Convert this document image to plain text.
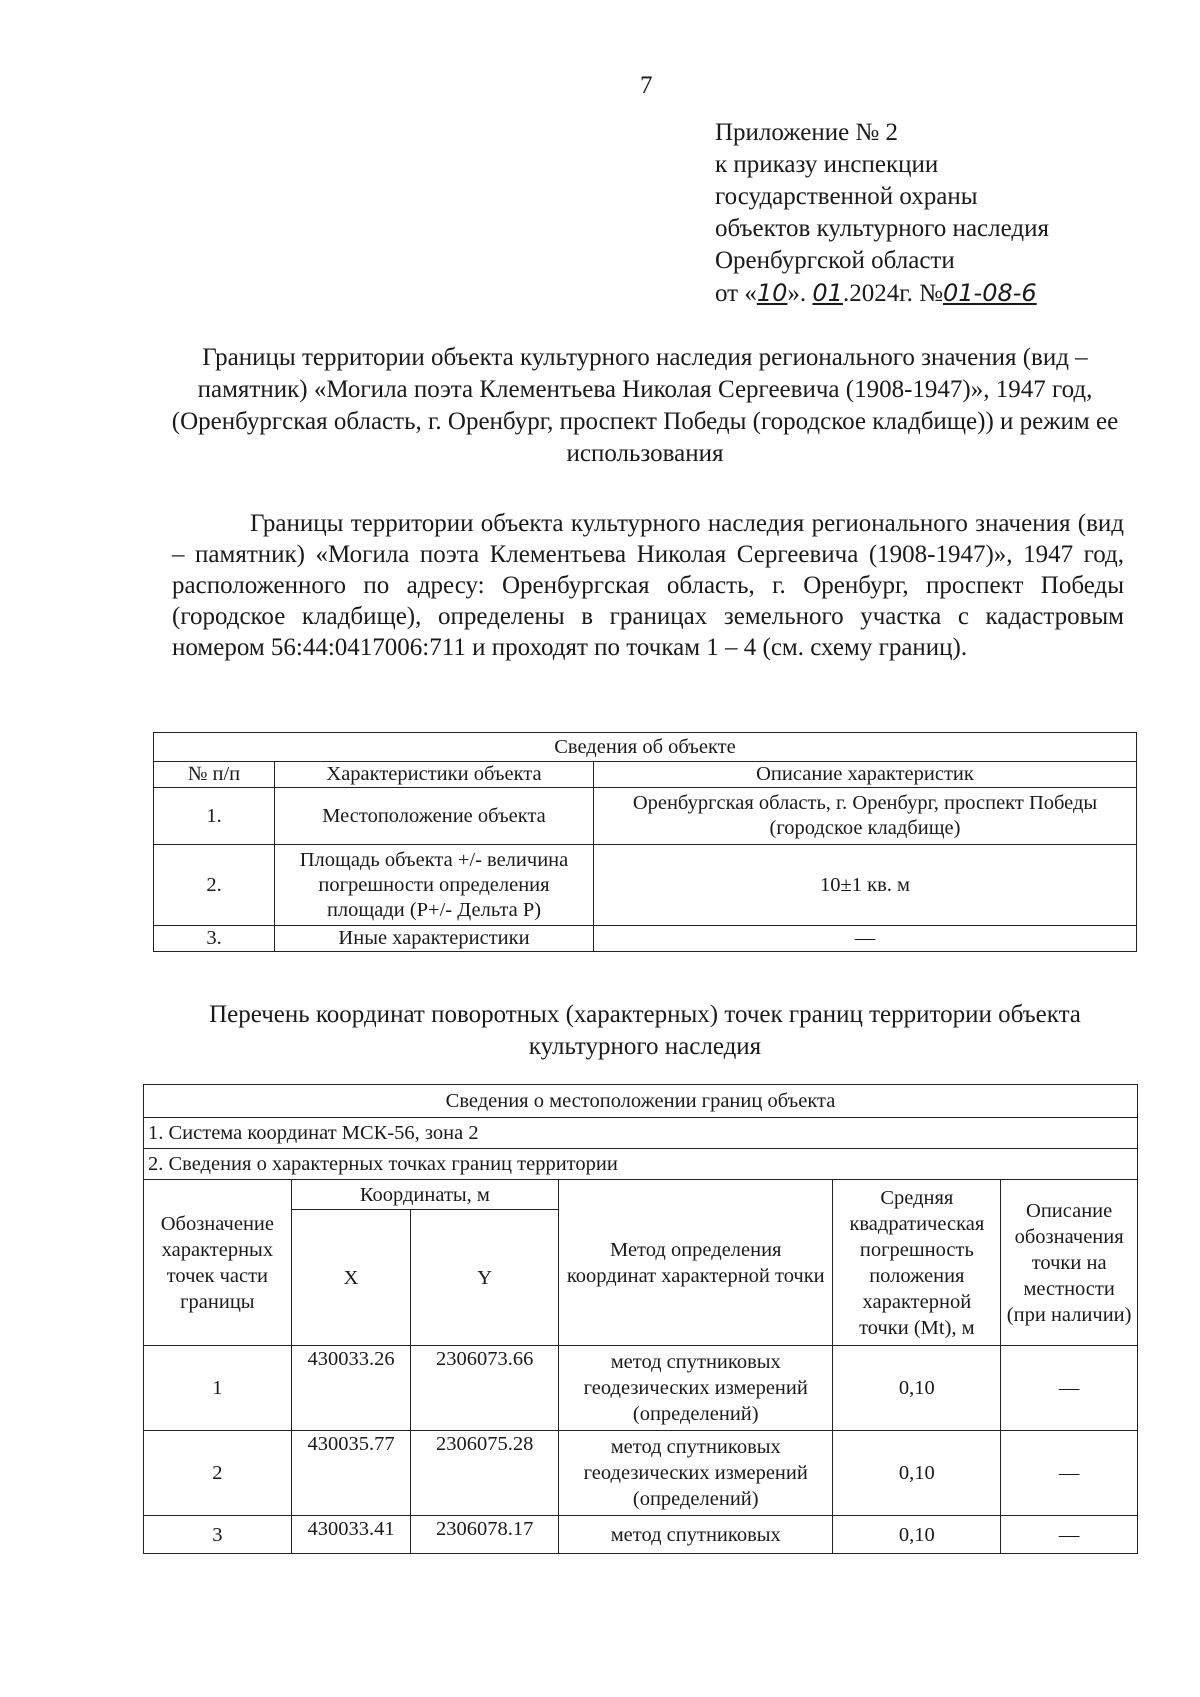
7
Приложение № 2
к приказу инспекции
государственной охраны
объектов культурного наследия
Оренбургской области
от «10». 01.2024г. №01-08-6
Границы территории объекта культурного наследия регионального значения (вид – памятник) «Могила поэта Клементьева Николая Сергеевича (1908-1947)», 1947 год, (Оренбургская область, г. Оренбург, проспект Победы (городское кладбище)) и режим ее использования
Границы территории объекта культурного наследия регионального значения (вид – памятник) «Могила поэта Клементьева Николая Сергеевича (1908-1947)», 1947 год, расположенного по адресу: Оренбургская область, г. Оренбург, проспект Победы (городское кладбище), определены в границах земельного участка с кадастровым номером 56:44:0417006:711 и проходят по точкам 1 – 4 (см. схему границ).
Сведения об объекте		
№ п/п	Характеристики объекта	Описание характеристик
1.	Местоположение объекта	Оренбургская область, г. Оренбург, проспект Победы (городское кладбище)
2.	Площадь объекта +/- величина погрешности определения площади (Р+/- Дельта Р)	10±1 кв. м
3.	Иные характеристики	—
Перечень координат поворотных (характерных) точек границ территории объекта культурного наследия
Сведения о местоположении границ объекта					
1. Система координат МСК-56, зона 2					
2. Сведения о характерных точках границ территории					
Обозначение характерных точек части границы	Координаты, м		Метод определения координат характерной точки	Средняя квадратическая погрешность положения характерной точки (Mt), м	Описание обозначения точки на местности (при наличии)
	X	Y			
1	430033.26	2306073.66	метод спутниковых геодезических измерений (определений)	0,10	—
2	430035.77	2306075.28	метод спутниковых геодезических измерений (определений)	0,10	—
3	430033.41	2306078.17	метод спутниковых	0,10	—
